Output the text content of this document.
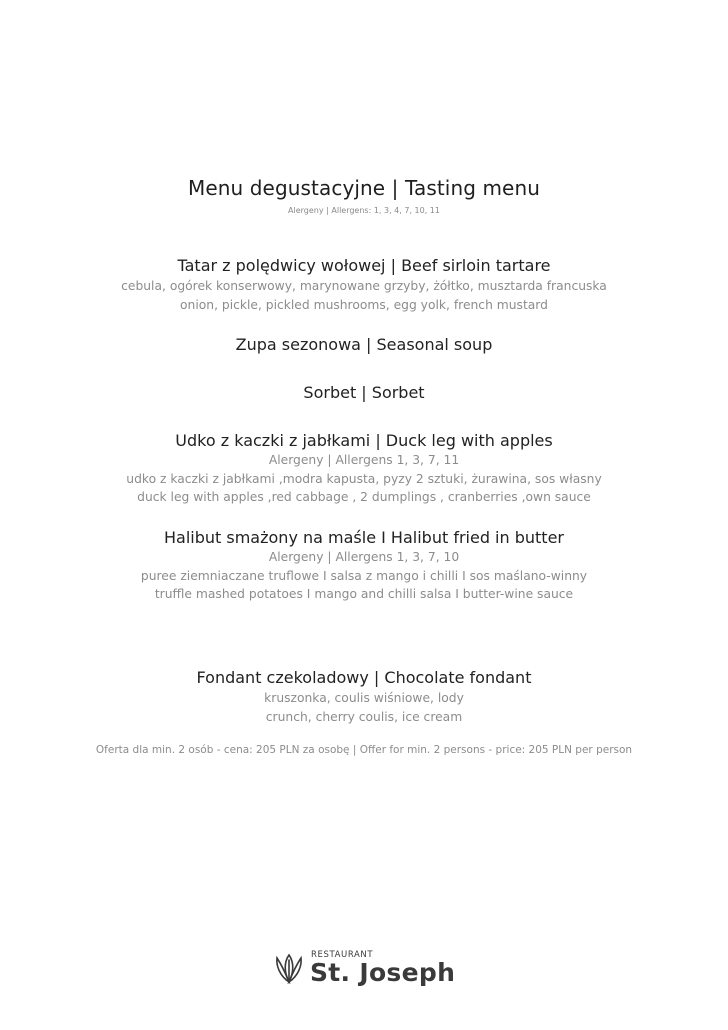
Menu degustacyjne | Tasting menu
Alergeny | Allergens: 1, 3, 4, 7, 10, 11
Tatar z polędwicy wołowej | Beef sirloin tartare
cebula, ogórek konserwowy, marynowane grzyby, żółtko, musztarda francuska
onion, pickle, pickled mushrooms, egg yolk, french mustard
Zupa sezonowa | Seasonal soup
Sorbet | Sorbet
Udko z kaczki z jabłkami | Duck leg with apples
Alergeny | Allergens 1, 3, 7, 11
udko z kaczki z jabłkami ,modra kapusta, pyzy 2 sztuki, żurawina, sos własny
duck leg with apples ,red cabbage , 2 dumplings , cranberries ,own sauce
Halibut smażony na maśle I Halibut fried in butter
Alergeny | Allergens 1, 3, 7, 10
puree ziemniaczane truflowe I salsa z mango i chilli I sos maślano-winny
truffle mashed potatoes I mango and chilli salsa I butter-wine sauce
Fondant czekoladowy | Chocolate fondant
kruszonka, coulis wiśniowe, lody
crunch, cherry coulis, ice cream
Oferta dla min. 2 osób - cena: 205 PLN za osobę | Offer for min. 2 persons - price: 205 PLN per person
RESTAURANT
St. Joseph
